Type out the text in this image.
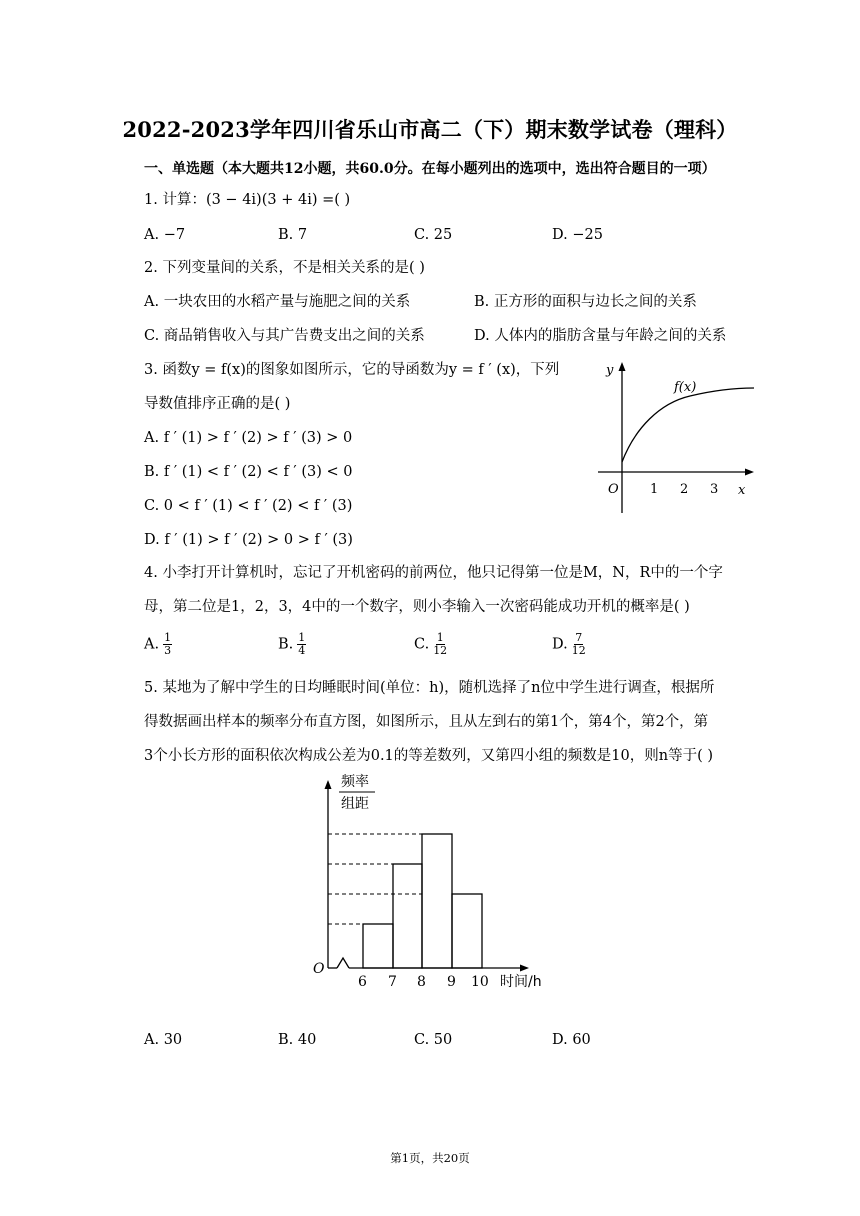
2022-2023学年四川省乐山市高二（下）期末数学试卷（理科）
一、单选题（本大题共12小题，共60.0分。在每小题列出的选项中，选出符合题目的一项）
1. 计算：(3 − 4i)(3 + 4i) =( )
A. −7	B. 7	C. 25	D. −25
2. 下列变量间的关系，不是相关关系的是( )
A. 一块农田的水稻产量与施肥之间的关系	B. 正方形的面积与边长之间的关系
C. 商品销售收入与其广告费支出之间的关系	D. 人体内的脂肪含量与年龄之间的关系
3. 函数y = f(x)的图象如图所示，它的导函数为y = f ′ (x)，下列
导数值排序正确的是( )
A. f ′ (1) > f ′ (2) > f ′ (3) > 0
B. f ′ (1) < f ′ (2) < f ′ (3) < 0
C. 0 < f ′ (1) < f ′ (2) < f ′ (3)
D. f ′ (1) > f ′ (2) > 0 > f ′ (3)
y
x
O 1 2 3
f(x)
4. 小李打开计算机时，忘记了开机密码的前两位，他只记得第一位是M，N，R中的一个字
母，第二位是1，2，3，4中的一个数字，则小李输入一次密码能成功开机的概率是( )
A. $\frac{1}{3}$	B. $\frac{1}{4}$	C. $\frac{1}{12}$	D. $\frac{7}{12}$
5. 某地为了解中学生的日均睡眠时间(单位：h)，随机选择了n位中学生进行调查，根据所
得数据画出样本的频率分布直方图，如图所示，且从左到右的第1个，第4个，第2个，第
3个小长方形的面积依次构成公差为0.1的等差数列，又第四小组的频数是10，则n等于( )
频率
组距
O
6 7 8 9 10 时间/h
A. 30	B. 40	C. 50	D. 60
第1页，共20页
